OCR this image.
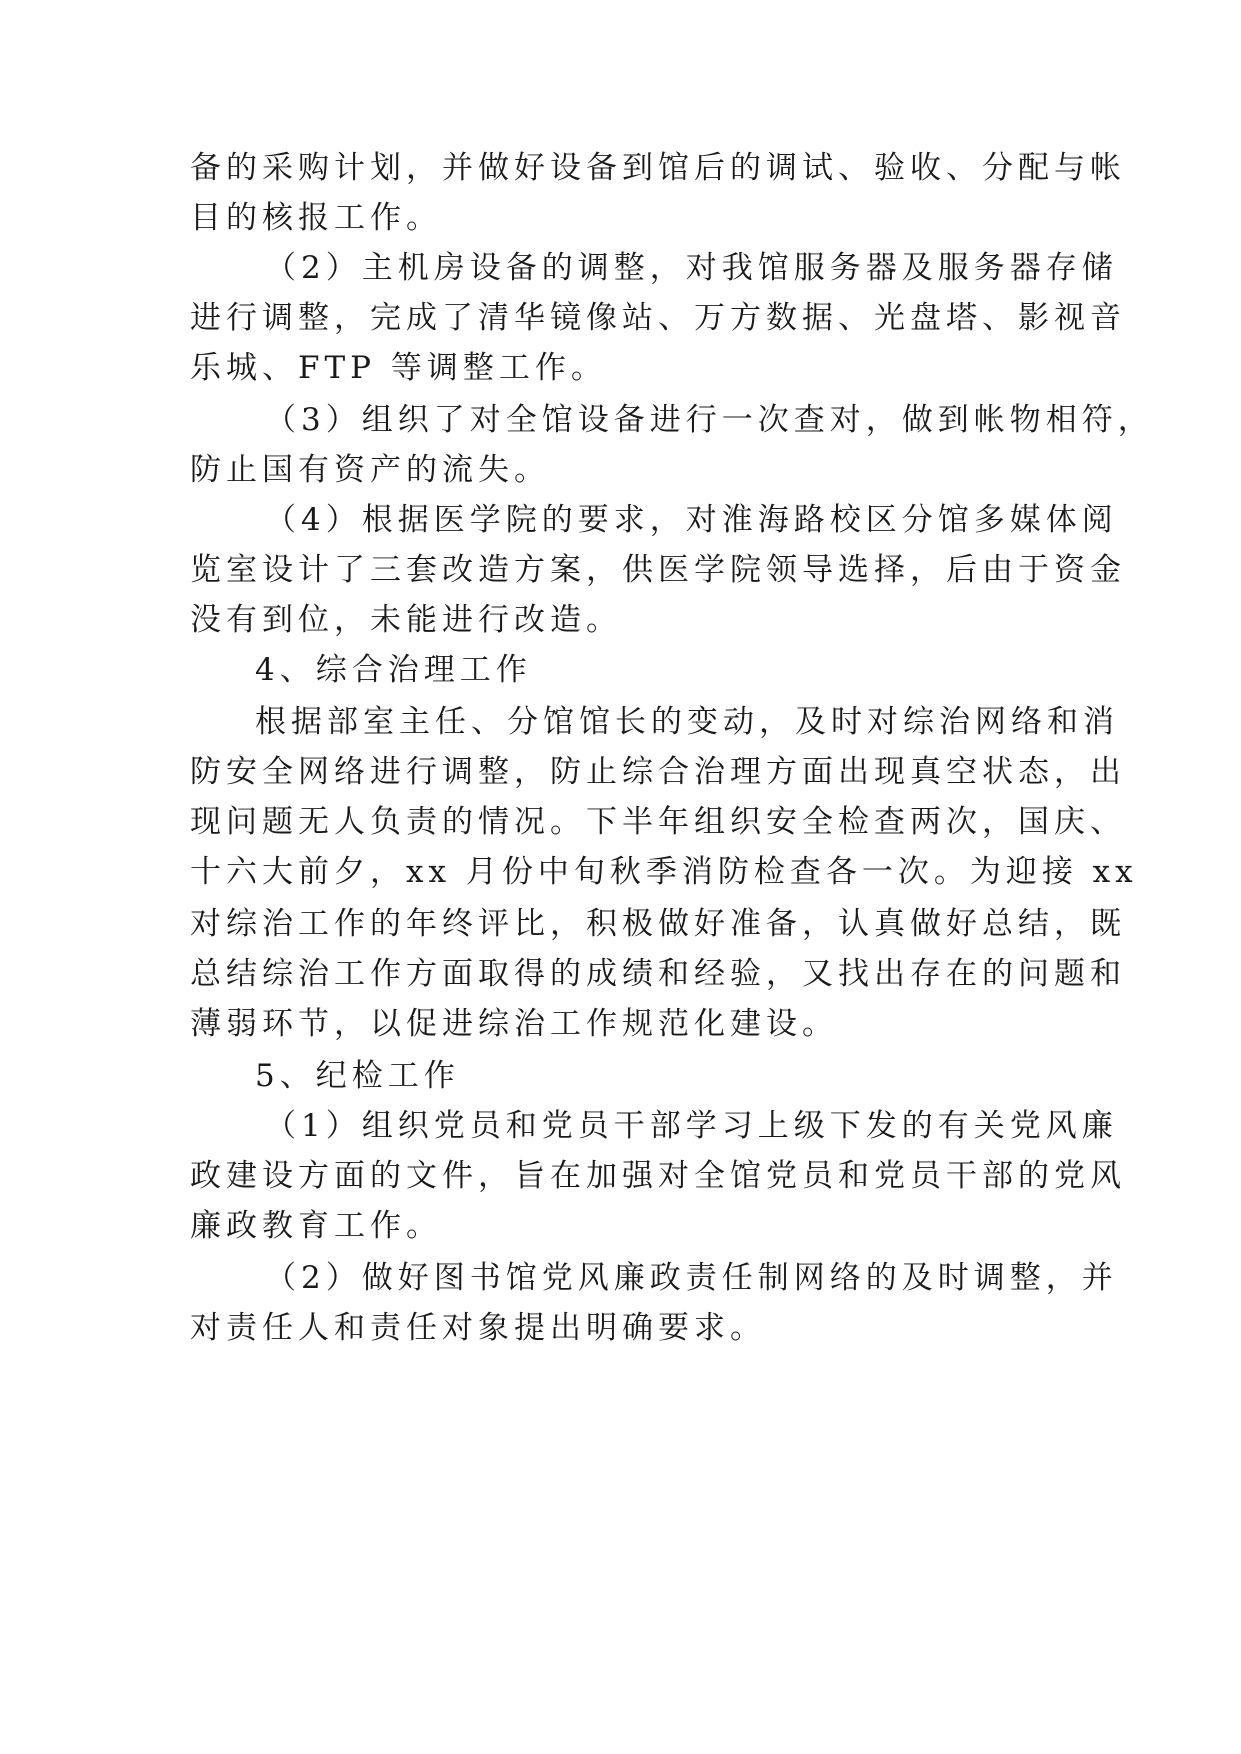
备的采购计划，并做好设备到馆后的调试、验收、分配与帐

目的核报工作。

（2）主机房设备的调整，对我馆服务器及服务器存储

进行调整，完成了清华镜像站、万方数据、光盘塔、影视音

乐城、FTP 等调整工作。

（3）组织了对全馆设备进行一次查对，做到帐物相符，

防止国有资产的流失。

（4）根据医学院的要求，对淮海路校区分馆多媒体阅

览室设计了三套改造方案，供医学院领导选择，后由于资金

没有到位，未能进行改造。

4、综合治理工作

根据部室主任、分馆馆长的变动，及时对综治网络和消

防安全网络进行调整，防止综合治理方面出现真空状态，出

现问题无人负责的情况。下半年组织安全检查两次，国庆、

十六大前夕，xx 月份中旬秋季消防检查各一次。为迎接 xx

对综治工作的年终评比，积极做好准备，认真做好总结，既

总结综治工作方面取得的成绩和经验，又找出存在的问题和

薄弱环节，以促进综治工作规范化建设。

5、纪检工作

（1）组织党员和党员干部学习上级下发的有关党风廉

政建设方面的文件，旨在加强对全馆党员和党员干部的党风

廉政教育工作。

（2）做好图书馆党风廉政责任制网络的及时调整，并

对责任人和责任对象提出明确要求。
